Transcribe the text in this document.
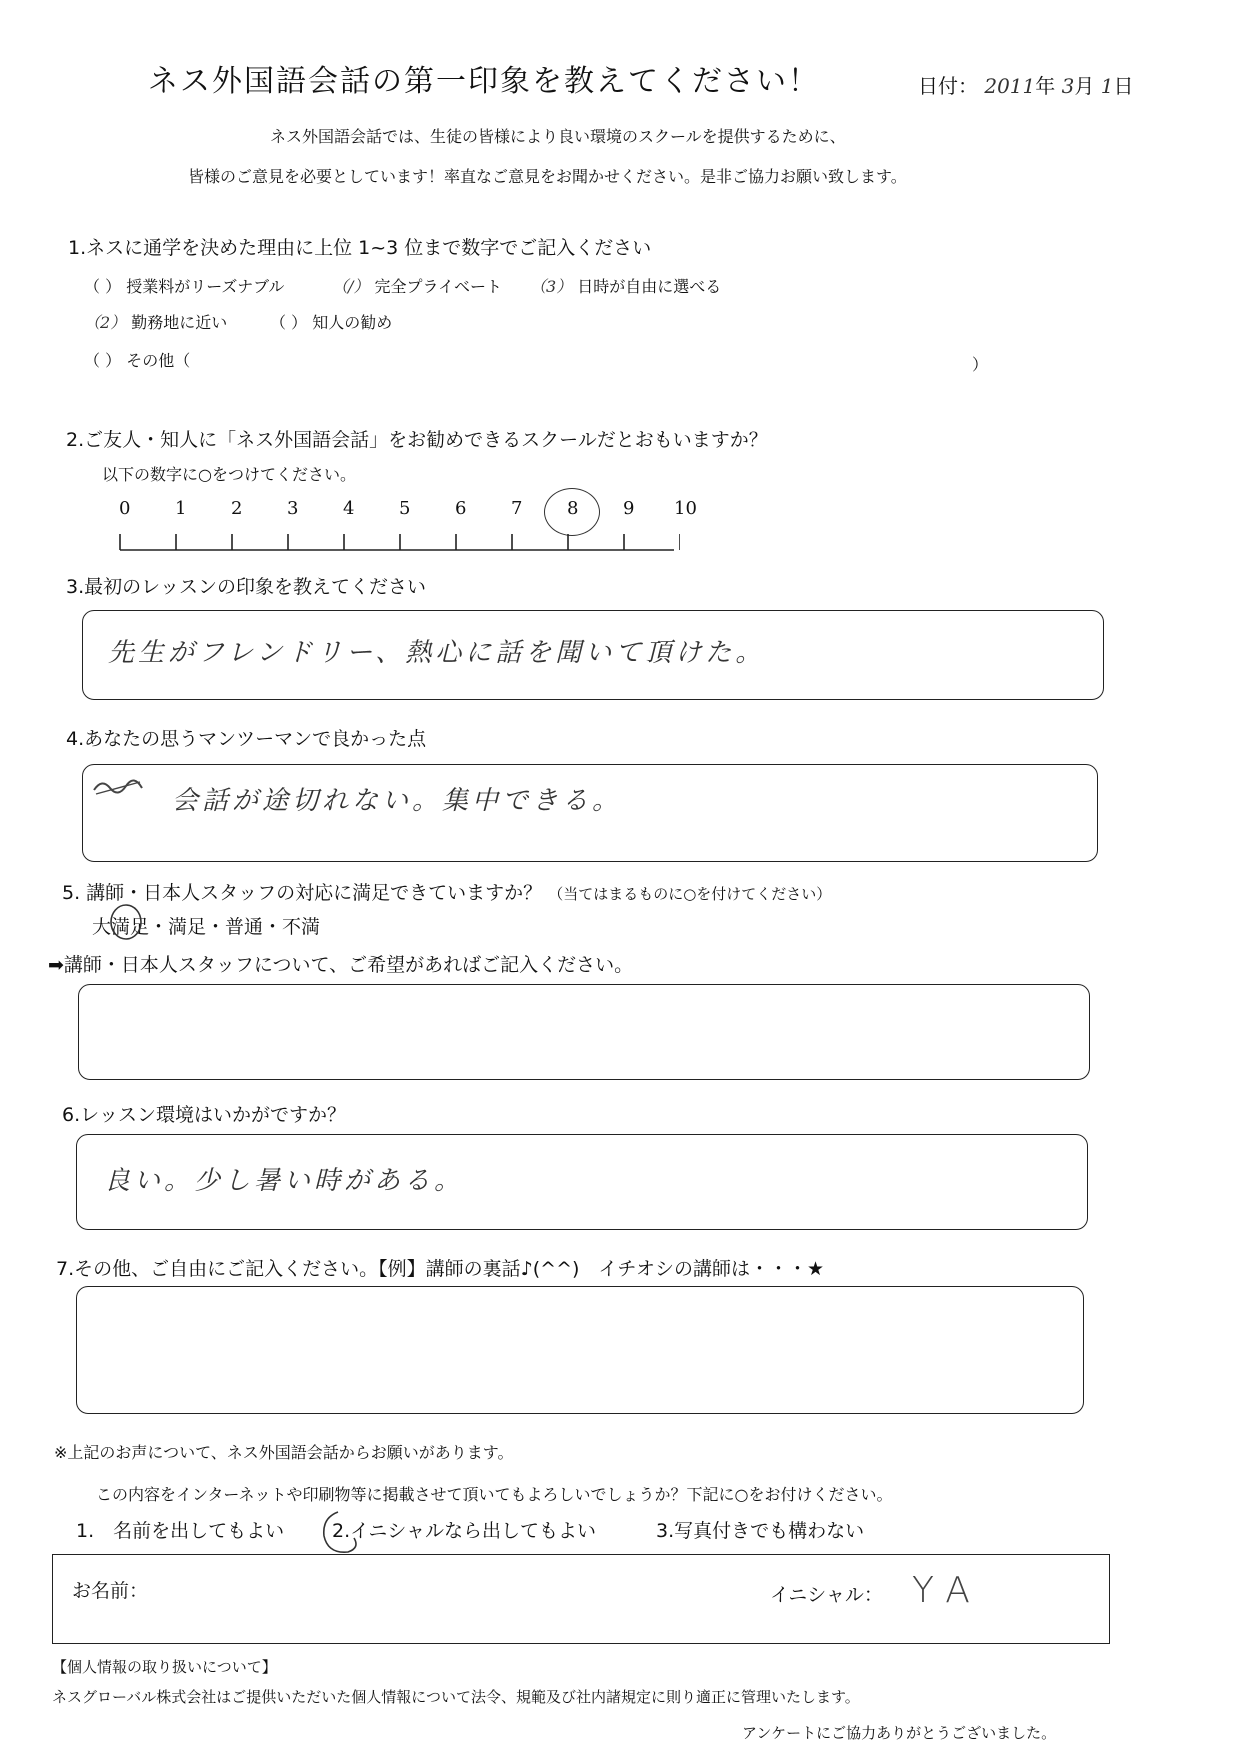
ネス外国語会話の第一印象を教えてください！	日付： 2011年 3月 1日
ネス外国語会話では、生徒の皆様により良い環境のスクールを提供するために、
皆様のご意見を必要としています！率直なご意見をお聞かせください。是非ご協力お願い致します。
1.ネスに通学を決めた理由に上位 1~3 位まで数字でご記入ください
（ ） 授業料がリーズナブル	（/） 完全プライベート （3） 日時が自由に選べる
（2） 勤務地に近い	（ ） 知人の勧め
（ ） その他（	）
2.ご友人・知人に「ネス外国語会話」をお勧めできるスクールだとおもいますか？
以下の数字に○をつけてください。
0 1 2 3 4 5 6 7 8 9 10
3.最初のレッスンの印象を教えてください
先生がフレンドリー、熱心に話を聞いて頂けた。
4.あなたの思うマンツーマンで良かった点
会話が途切れない。集中できる。
5. 講師・日本人スタッフの対応に満足できていますか？ （当てはまるものに○を付けてください）
大満足・満足・普通・不満
➡講師・日本人スタッフについて、ご希望があればご記入ください。
6.レッスン環境はいかがですか？
良い。少し暑い時がある。
7.その他、ご自由にご記入ください。【例】講師の裏話♪(^^)　イチオシの講師は・・・★
※上記のお声について、ネス外国語会話からお願いがあります。
この内容をインターネットや印刷物等に掲載させて頂いてもよろしいでしょうか？下記に○をお付けください。
1.　名前を出してもよい	2.イニシャルなら出してもよい	3.写真付きでも構わない
お名前：	イニシャル： YA
【個人情報の取り扱いについて】
ネスグローバル株式会社はご提供いただいた個人情報について法令、規範及び社内諸規定に則り適正に管理いたします。
アンケートにご協力ありがとうございました。
